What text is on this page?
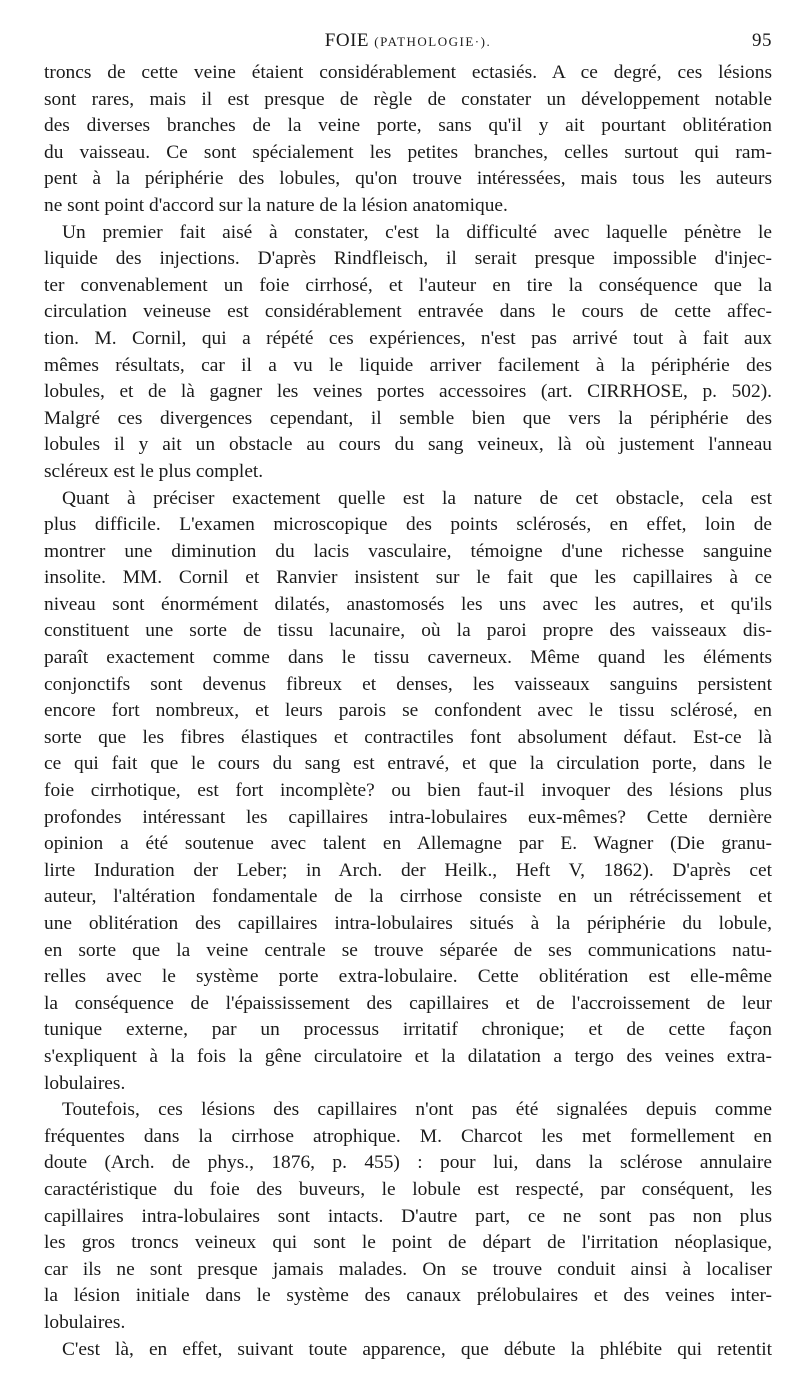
FOIE (PATHOLOGIE·).	95
troncs de cette veine étaient considérablement ectasiés. A ce degré, ces lésions
sont rares, mais il est presque de règle de constater un développement notable
des diverses branches de la veine porte, sans qu'il y ait pourtant oblitération
du vaisseau. Ce sont spécialement les petites branches, celles surtout qui ram-
pent à la périphérie des lobules, qu'on trouve intéressées, mais tous les auteurs
ne sont point d'accord sur la nature de la lésion anatomique.
Un premier fait aisé à constater, c'est la difficulté avec laquelle pénètre le
liquide des injections. D'après Rindfleisch, il serait presque impossible d'injec-
ter convenablement un foie cirrhosé, et l'auteur en tire la conséquence que la
circulation veineuse est considérablement entravée dans le cours de cette affec-
tion. M. Cornil, qui a répété ces expériences, n'est pas arrivé tout à fait aux
mêmes résultats, car il a vu le liquide arriver facilement à la périphérie des
lobules, et de là gagner les veines portes accessoires (art. CIRRHOSE, p. 502).
Malgré ces divergences cependant, il semble bien que vers la périphérie des
lobules il y ait un obstacle au cours du sang veineux, là où justement l'anneau
scléreux est le plus complet.
Quant à préciser exactement quelle est la nature de cet obstacle, cela est
plus difficile. L'examen microscopique des points sclérosés, en effet, loin de
montrer une diminution du lacis vasculaire, témoigne d'une richesse sanguine
insolite. MM. Cornil et Ranvier insistent sur le fait que les capillaires à ce
niveau sont énormément dilatés, anastomosés les uns avec les autres, et qu'ils
constituent une sorte de tissu lacunaire, où la paroi propre des vaisseaux dis-
paraît exactement comme dans le tissu caverneux. Même quand les éléments
conjonctifs sont devenus fibreux et denses, les vaisseaux sanguins persistent
encore fort nombreux, et leurs parois se confondent avec le tissu sclérosé, en
sorte que les fibres élastiques et contractiles font absolument défaut. Est-ce là
ce qui fait que le cours du sang est entravé, et que la circulation porte, dans le
foie cirrhotique, est fort incomplète? ou bien faut-il invoquer des lésions plus
profondes intéressant les capillaires intra-lobulaires eux-mêmes? Cette dernière
opinion a été soutenue avec talent en Allemagne par E. Wagner (Die granu-
lirte Induration der Leber; in Arch. der Heilk., Heft V, 1862). D'après cet
auteur, l'altération fondamentale de la cirrhose consiste en un rétrécissement et
une oblitération des capillaires intra-lobulaires situés à la périphérie du lobule,
en sorte que la veine centrale se trouve séparée de ses communications natu-
relles avec le système porte extra-lobulaire. Cette oblitération est elle-même
la conséquence de l'épaississement des capillaires et de l'accroissement de leur
tunique externe, par un processus irritatif chronique; et de cette façon
s'expliquent à la fois la gêne circulatoire et la dilatation a tergo des veines extra-
lobulaires.
Toutefois, ces lésions des capillaires n'ont pas été signalées depuis comme
fréquentes dans la cirrhose atrophique. M. Charcot les met formellement en
doute (Arch. de phys., 1876, p. 455) : pour lui, dans la sclérose annulaire
caractéristique du foie des buveurs, le lobule est respecté, par conséquent, les
capillaires intra-lobulaires sont intacts. D'autre part, ce ne sont pas non plus
les gros troncs veineux qui sont le point de départ de l'irritation néoplasique,
car ils ne sont presque jamais malades. On se trouve conduit ainsi à localiser
la lésion initiale dans le système des canaux prélobulaires et des veines inter-
lobulaires.
C'est là, en effet, suivant toute apparence, que débute la phlébite qui retentit
